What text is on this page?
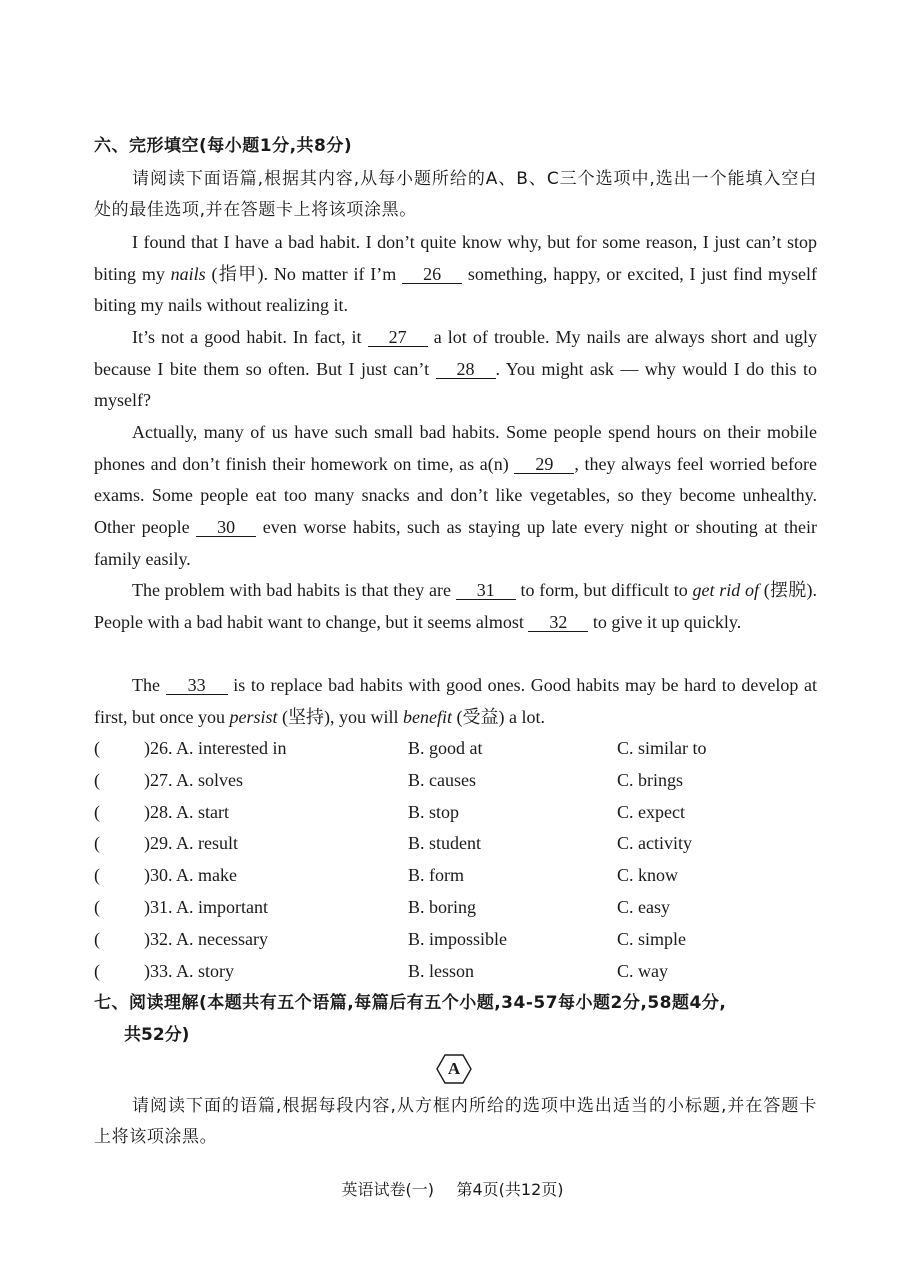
六、完形填空(每小题1分,共8分)
请阅读下面语篇,根据其内容,从每小题所给的A、B、C三个选项中,选出一个能填入空白处的最佳选项,并在答题卡上将该项涂黑。
I found that I have a bad habit. I don’t quite know why, but for some reason, I just can’t stop biting my nails (指甲). No matter if I’m 26 something, happy, or excited, I just find myself biting my nails without realizing it.
It’s not a good habit. In fact, it 27 a lot of trouble. My nails are always short and ugly because I bite them so often. But I just can’t 28 . You might ask — why would I do this to myself?
Actually, many of us have such small bad habits. Some people spend hours on their mobile phones and don’t finish their homework on time, as a(n) 29 , they always feel worried before exams. Some people eat too many snacks and don’t like vegetables, so they become unhealthy. Other people 30 even worse habits, such as staying up late every night or shouting at their family easily.
The problem with bad habits is that they are 31 to form, but difficult to get rid of (摆脱). People with a bad habit want to change, but it seems almost 32 to give it up quickly.
The 33 is to replace bad habits with good ones. Good habits may be hard to develop at first, but once you persist (坚持), you will benefit (受益) a lot.
( ) 26. A. interested in	B. good at	C. similar to
( ) 27. A. solves	B. causes	C. brings
( ) 28. A. start	B. stop	C. expect
( ) 29. A. result	B. student	C. activity
( ) 30. A. make	B. form	C. know
( ) 31. A. important	B. boring	C. easy
( ) 32. A. necessary	B. impossible	C. simple
( ) 33. A. story	B. lesson	C. way
七、阅读理解(本题共有五个语篇,每篇后有五个小题,34-57每小题2分,58题4分,
共52分)
A
请阅读下面的语篇,根据每段内容,从方框内所给的选项中选出适当的小标题,并在答题卡上将该项涂黑。
英语试卷(一) 第4页(共12页)
